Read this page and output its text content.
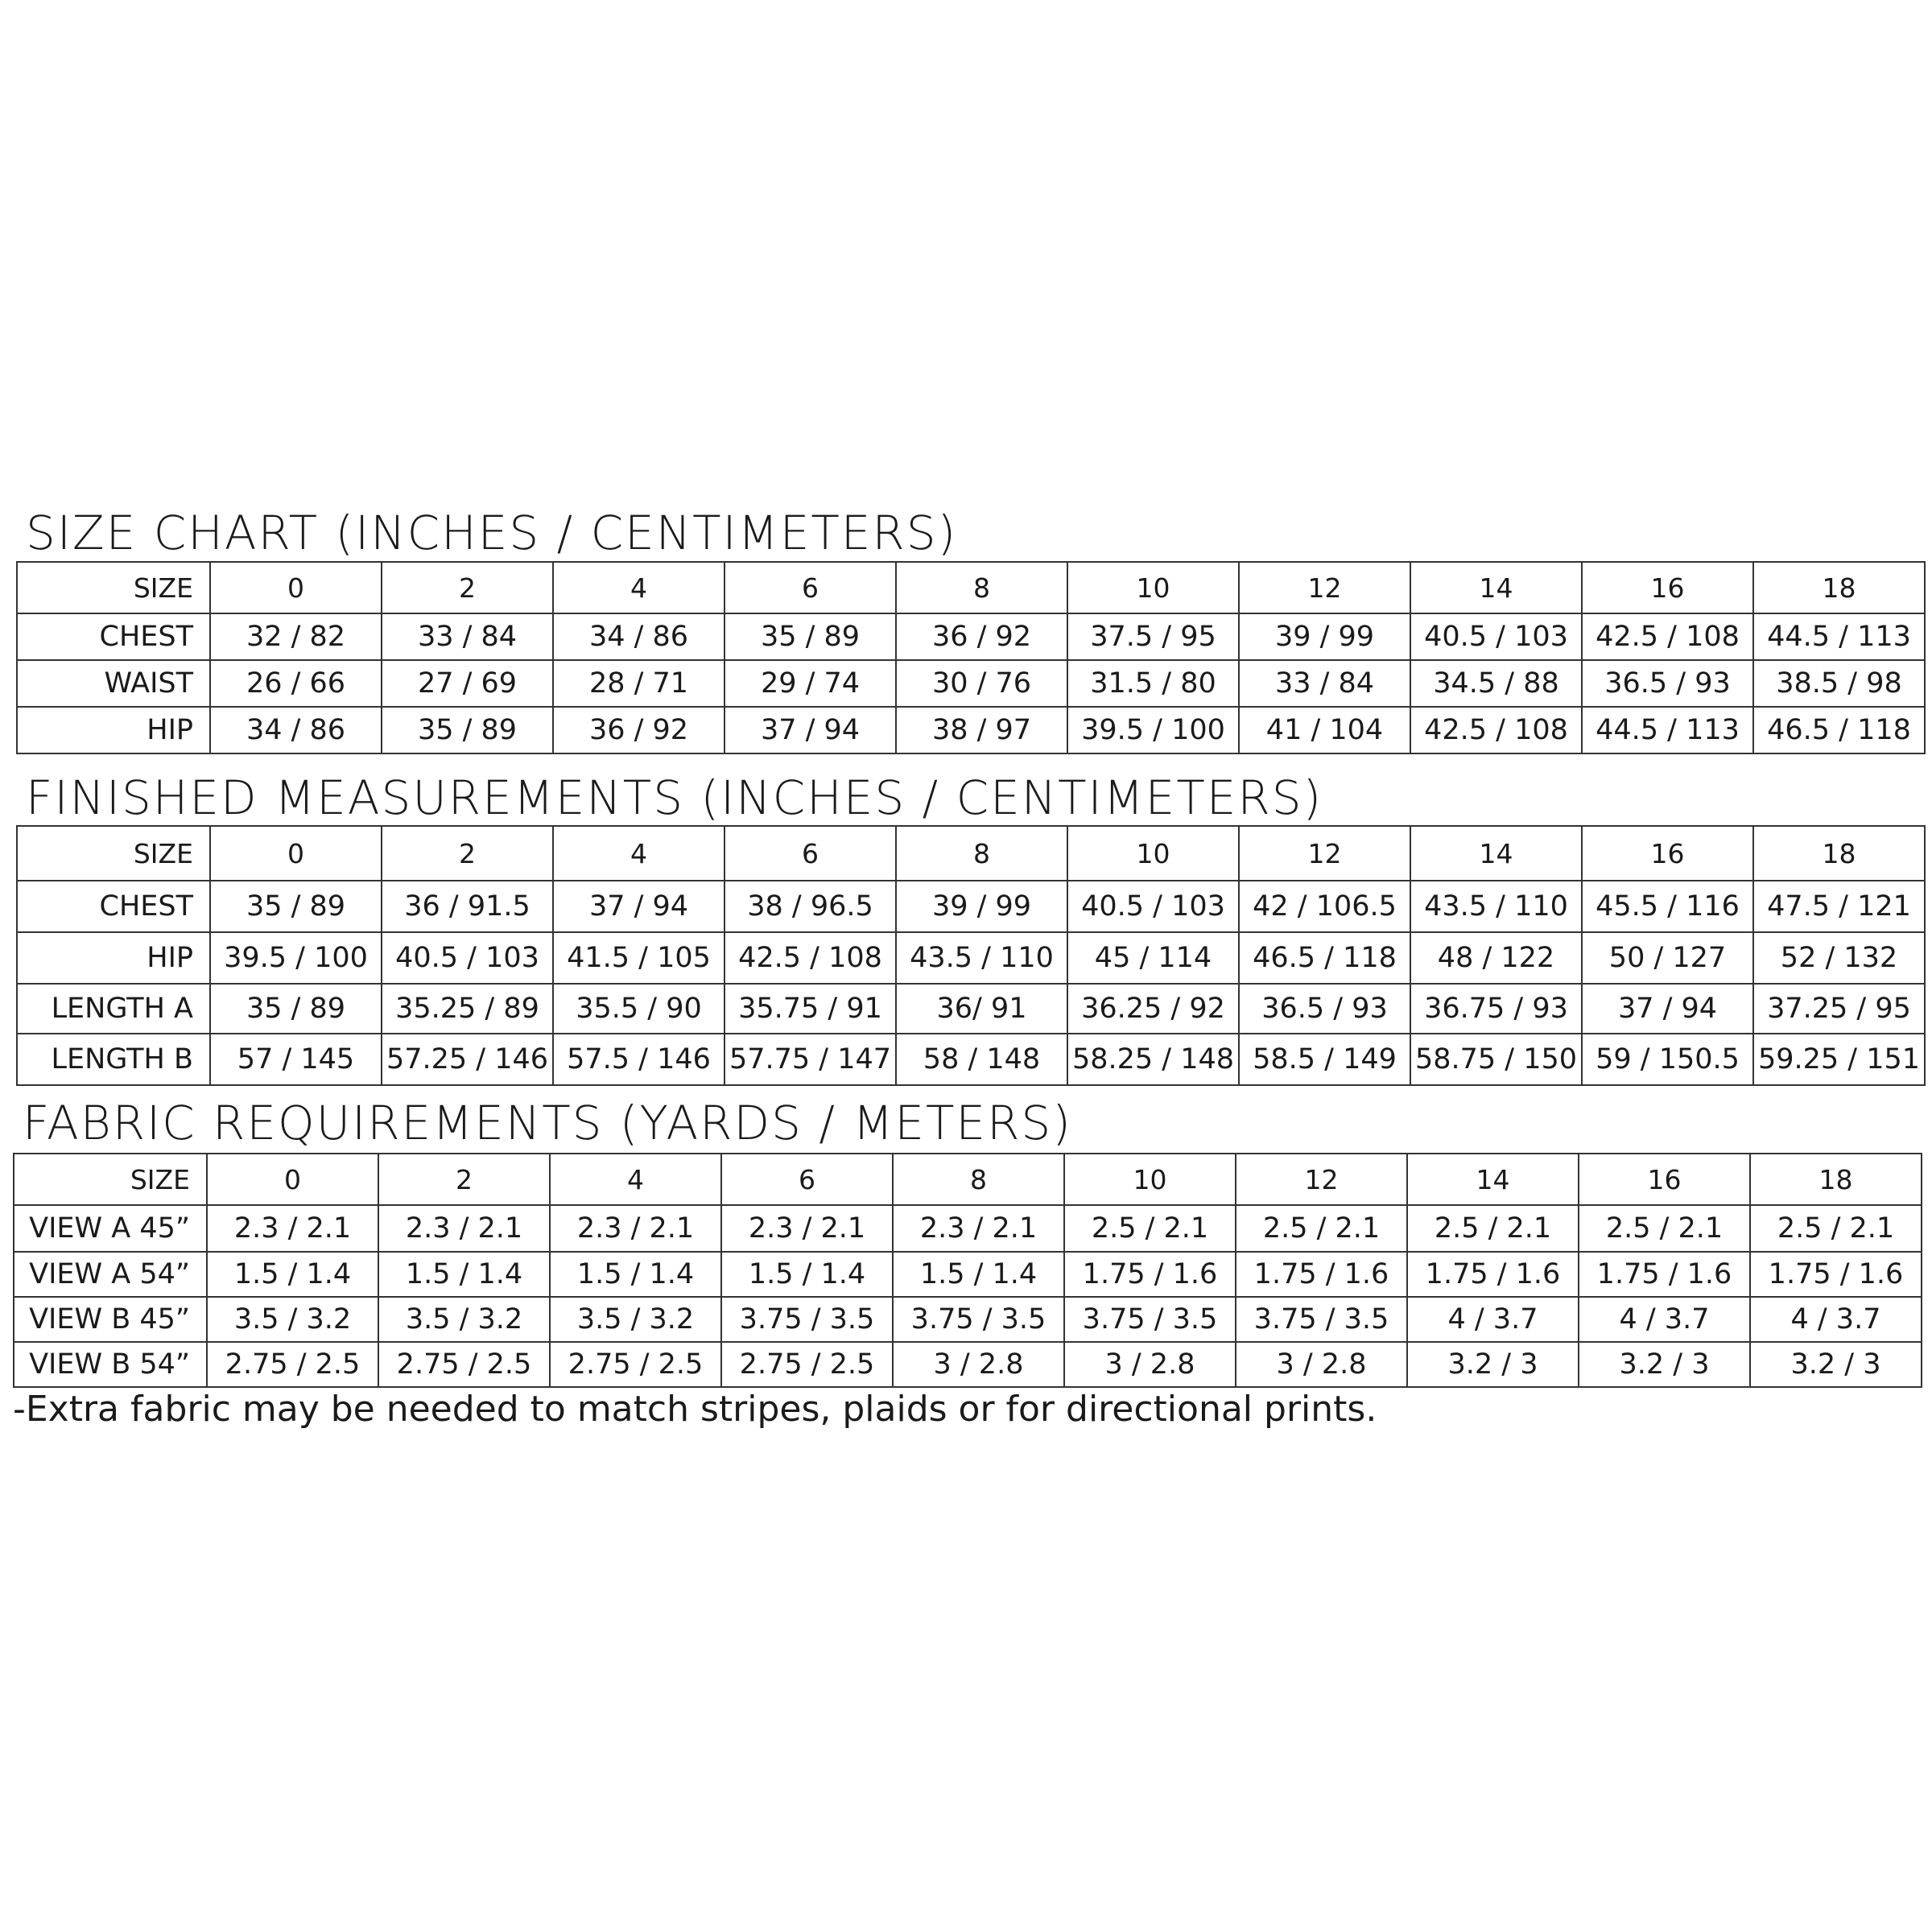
SIZE CHART (INCHES / CENTIMETERS)
SIZE	0	2	4	6	8	10	12	14	16	18
CHEST	32 / 82	33 / 84	34 / 86	35 / 89	36 / 92	37.5 / 95	39 / 99	40.5 / 103	42.5 / 108	44.5 / 113
WAIST	26 / 66	27 / 69	28 / 71	29 / 74	30 / 76	31.5 / 80	33 / 84	34.5 / 88	36.5 / 93	38.5 / 98
HIP	34 / 86	35 / 89	36 / 92	37 / 94	38 / 97	39.5 / 100	41 / 104	42.5 / 108	44.5 / 113	46.5 / 118
FINISHED MEASUREMENTS (INCHES / CENTIMETERS)
SIZE	0	2	4	6	8	10	12	14	16	18
CHEST	35 / 89	36 / 91.5	37 / 94	38 / 96.5	39 / 99	40.5 / 103	42 / 106.5	43.5 / 110	45.5 / 116	47.5 / 121
HIP	39.5 / 100	40.5 / 103	41.5 / 105	42.5 / 108	43.5 / 110	45 / 114	46.5 / 118	48 / 122	50 / 127	52 / 132
LENGTH A	35 / 89	35.25 / 89	35.5 / 90	35.75 / 91	36/ 91	36.25 / 92	36.5 / 93	36.75 / 93	37 / 94	37.25 / 95
LENGTH B	57 / 145	57.25 / 146	57.5 / 146	57.75 / 147	58 / 148	58.25 / 148	58.5 / 149	58.75 / 150	59 / 150.5	59.25 / 151
FABRIC REQUIREMENTS (YARDS / METERS)
SIZE	0	2	4	6	8	10	12	14	16	18
VIEW A 45”	2.3 / 2.1	2.3 / 2.1	2.3 / 2.1	2.3 / 2.1	2.3 / 2.1	2.5 / 2.1	2.5 / 2.1	2.5 / 2.1	2.5 / 2.1	2.5 / 2.1
VIEW A 54”	1.5 / 1.4	1.5 / 1.4	1.5 / 1.4	1.5 / 1.4	1.5 / 1.4	1.75 / 1.6	1.75 / 1.6	1.75 / 1.6	1.75 / 1.6	1.75 / 1.6
VIEW B 45”	3.5 / 3.2	3.5 / 3.2	3.5 / 3.2	3.75 / 3.5	3.75 / 3.5	3.75 / 3.5	3.75 / 3.5	4 / 3.7	4 / 3.7	4 / 3.7
VIEW B 54”	2.75 / 2.5	2.75 / 2.5	2.75 / 2.5	2.75 / 2.5	3 / 2.8	3 / 2.8	3 / 2.8	3.2 / 3	3.2 / 3	3.2 / 3
-Extra fabric may be needed to match stripes, plaids or for directional prints.
